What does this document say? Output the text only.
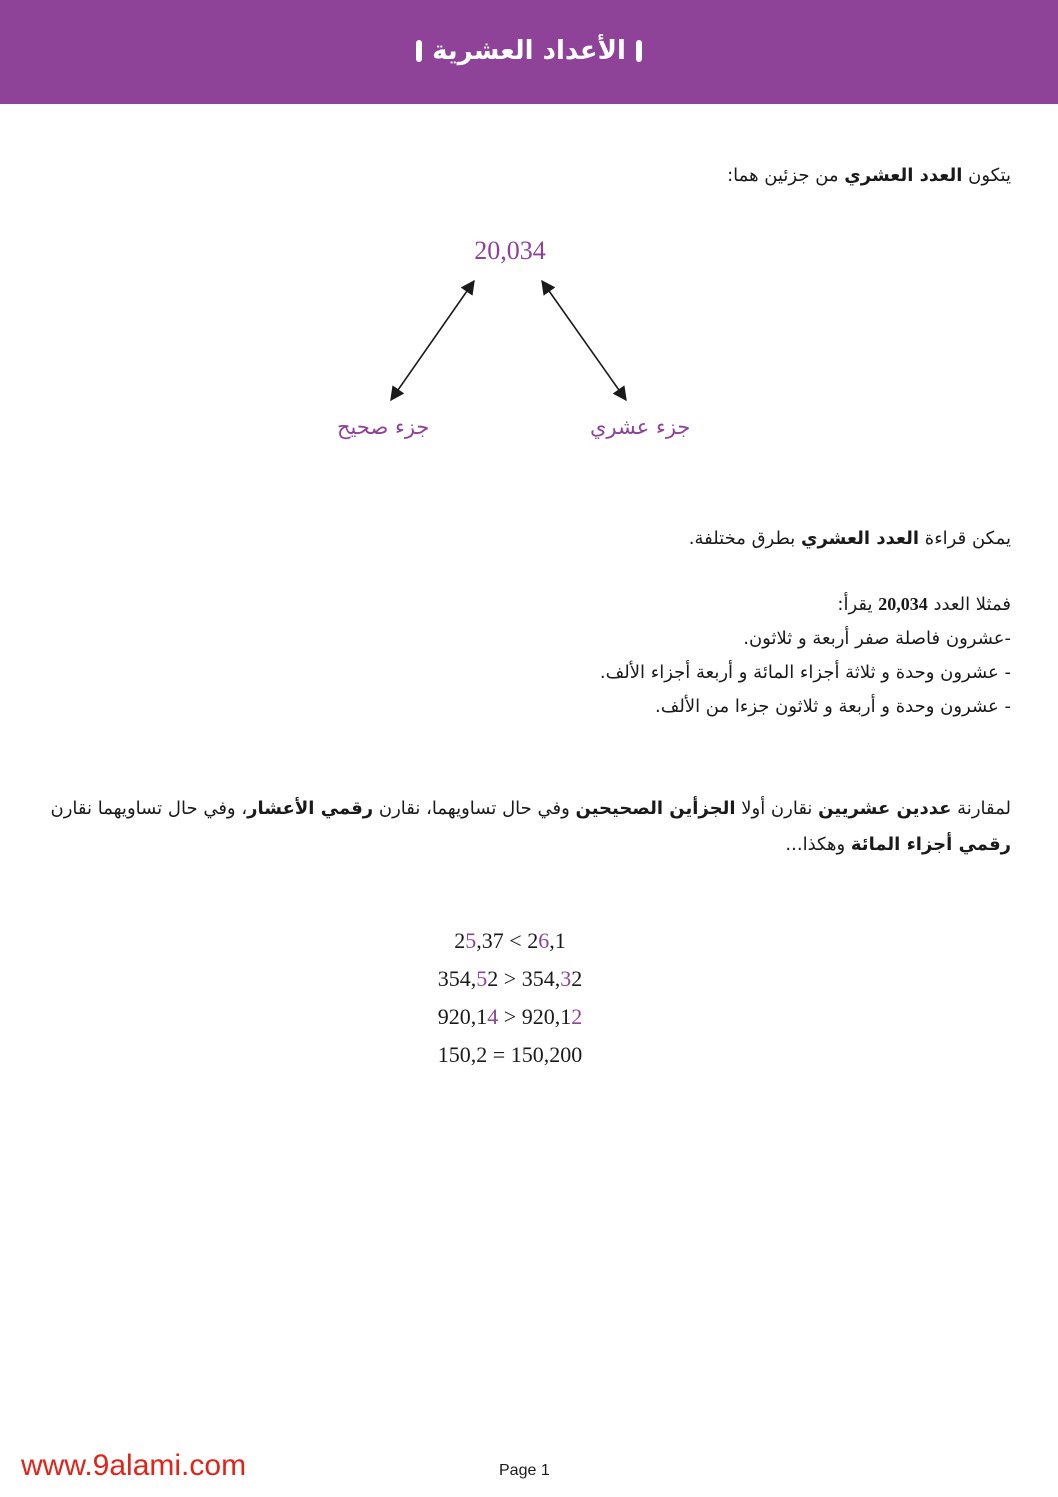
الأعداد العشرية
يتكون العدد العشري من جزئين هما:
20,034
جزء صحيح	جزء عشري
يمكن قراءة العدد العشري بطرق مختلفة.
فمثلا العدد 20,034 يقرأ:
-عشرون فاصلة صفر أربعة و ثلاثون.
- عشرون وحدة و ثلاثة أجزاء المائة و أربعة أجزاء الألف.
- عشرون وحدة و أربعة و ثلاثون جزءا من الألف.
لمقارنة عددين عشريين نقارن أولا الجزأين الصحيحين وفي حال تساويهما، نقارن رقمي الأعشار، وفي حال تساويهما نقارن رقمي أجزاء المائة وهكذا...
25,37 < 26,1
354,52 > 354,32
920,14 > 920,12
150,2 = 150,200
www.9alami.com	Page 1
